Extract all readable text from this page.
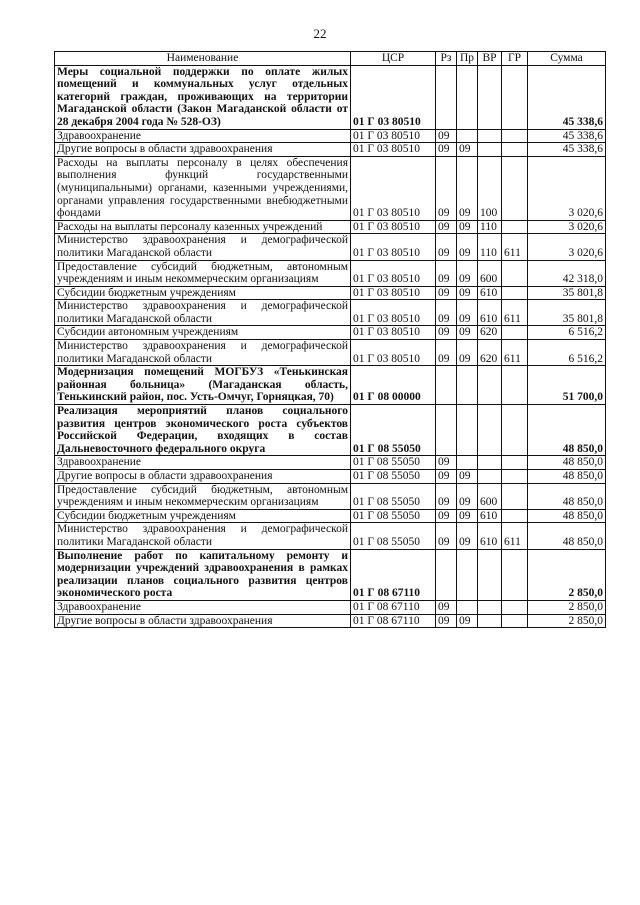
22
Наименование	ЦСР	Рз	Пр	ВР	ГР	Сумма
Меры социальной поддержки по оплате жилых помещений и коммунальных услуг отдельных категорий граждан, проживающих на территории Магаданской области (Закон Магаданской области от 28 декабря 2004 года № 528-ОЗ)	01 Г 03 80510					45 338,6
Здравоохранение	01 Г 03 80510	09				45 338,6
Другие вопросы в области здравоохранения	01 Г 03 80510	09	09			45 338,6
Расходы на выплаты персоналу в целях обеспечения выполнения функций государственными (муниципальными) органами, казенными учреждениями, органами управления государственными внебюджетными фондами	01 Г 03 80510	09	09	100		3 020,6
Расходы на выплаты персоналу казенных учреждений	01 Г 03 80510	09	09	110		3 020,6
Министерство здравоохранения и демографической политики Магаданской области	01 Г 03 80510	09	09	110	611	3 020,6
Предоставление субсидий бюджетным, автономным учреждениям и иным некоммерческим организациям	01 Г 03 80510	09	09	600		42 318,0
Субсидии бюджетным учреждениям	01 Г 03 80510	09	09	610		35 801,8
Министерство здравоохранения и демографической политики Магаданской области	01 Г 03 80510	09	09	610	611	35 801,8
Субсидии автономным учреждениям	01 Г 03 80510	09	09	620		6 516,2
Министерство здравоохранения и демографической политики Магаданской области	01 Г 03 80510	09	09	620	611	6 516,2
Модернизация помещений МОГБУЗ «Тенькинская районная больница» (Магаданская область, Тенькинский район, пос. Усть-Омчуг, Горняцкая, 70)	01 Г 08 00000					51 700,0
Реализация мероприятий планов социального развития центров экономического роста субъектов Российской Федерации, входящих в состав Дальневосточного федерального округа	01 Г 08 55050					48 850,0
Здравоохранение	01 Г 08 55050	09				48 850,0
Другие вопросы в области здравоохранения	01 Г 08 55050	09	09			48 850,0
Предоставление субсидий бюджетным, автономным учреждениям и иным некоммерческим организациям	01 Г 08 55050	09	09	600		48 850,0
Субсидии бюджетным учреждениям	01 Г 08 55050	09	09	610		48 850,0
Министерство здравоохранения и демографической политики Магаданской области	01 Г 08 55050	09	09	610	611	48 850,0
Выполнение работ по капитальному ремонту и модернизации учреждений здравоохранения в рамках реализации планов социального развития центров экономического роста	01 Г 08 67110					2 850,0
Здравоохранение	01 Г 08 67110	09				2 850,0
Другие вопросы в области здравоохранения	01 Г 08 67110	09	09			2 850,0
